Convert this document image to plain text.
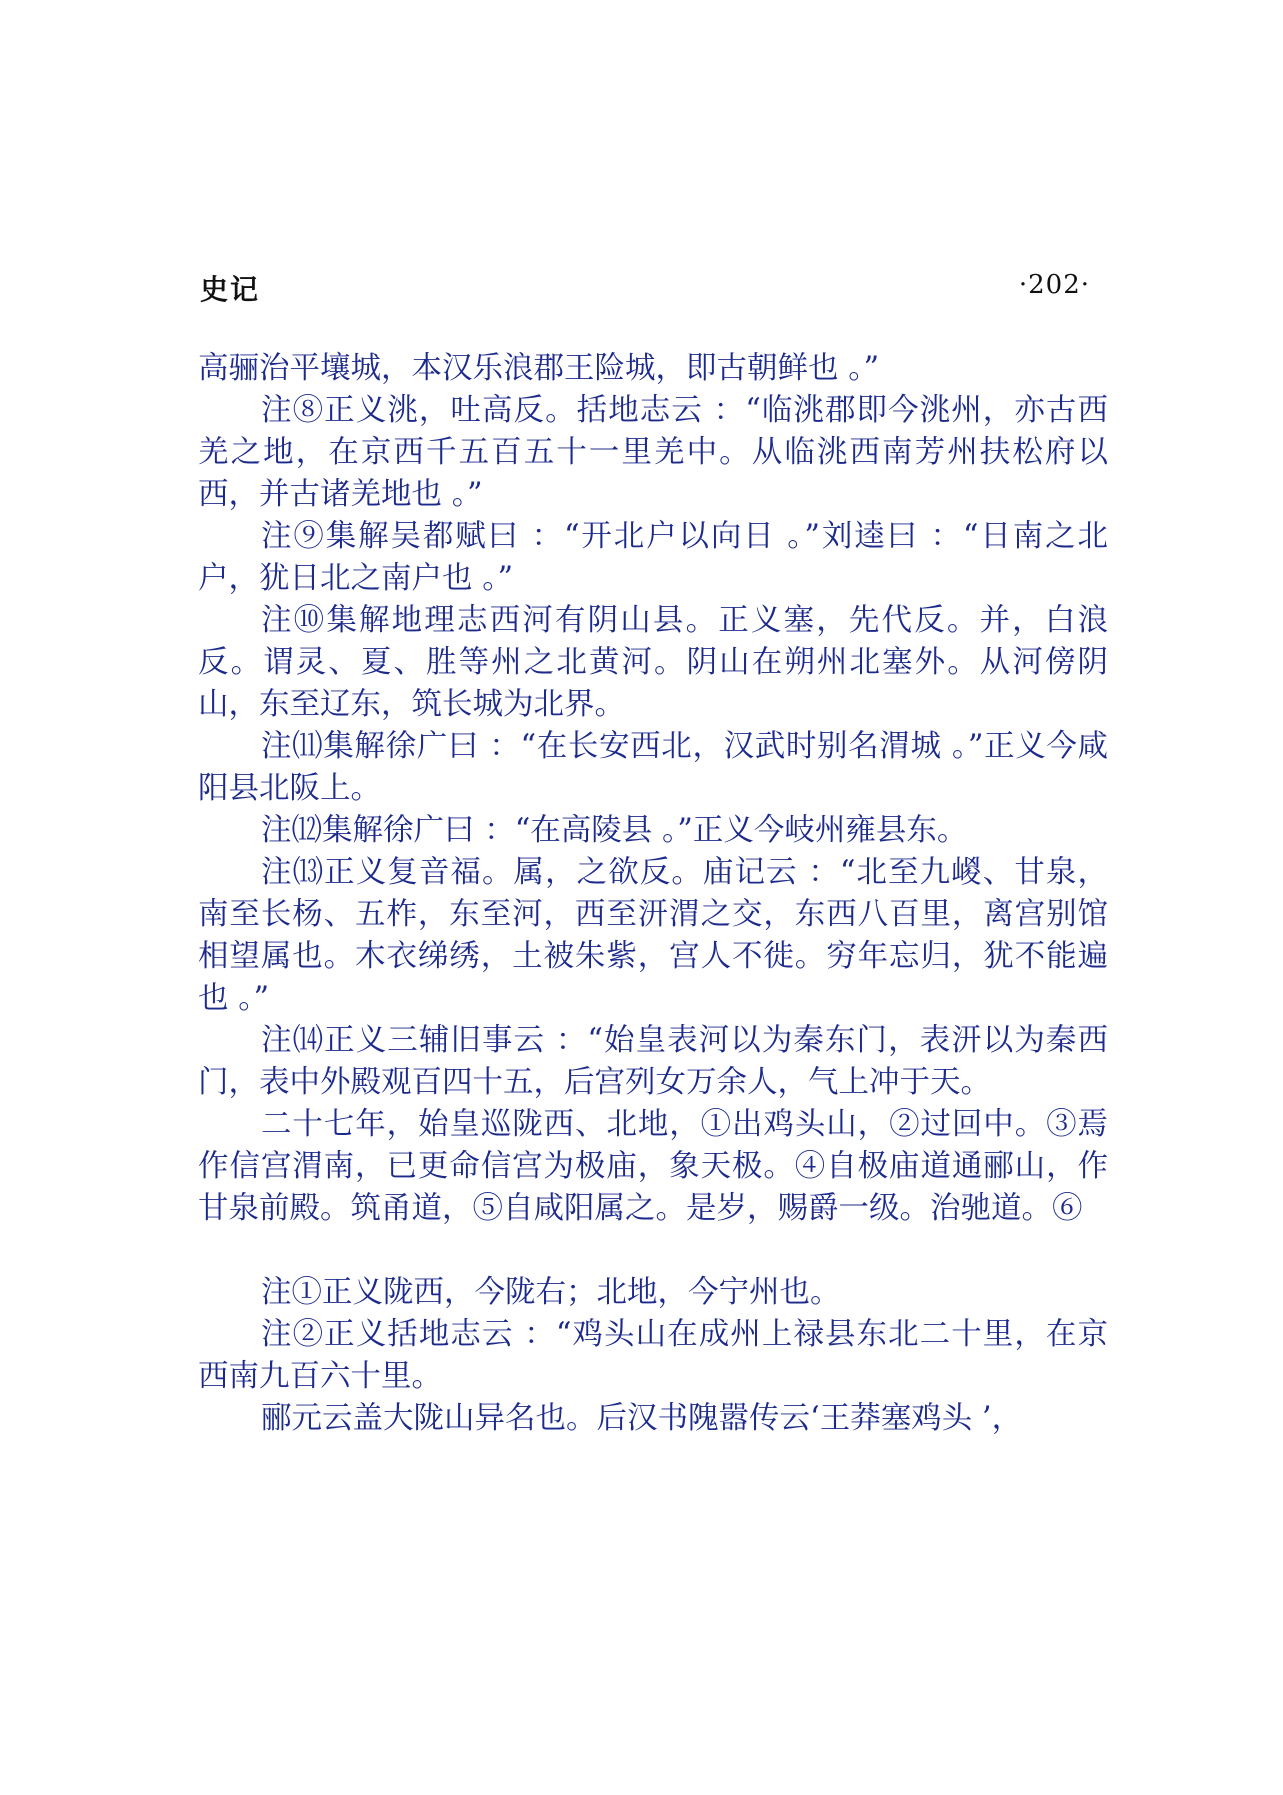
史记	·202·

高骊治平壤城，本汉乐浪郡王险城，即古朝鲜也 。”

注⑧正义洮，吐高反。括地志云 ：“临洮郡即今洮州，亦古西羌之地，在京西千五百五十一里羌中。从临洮西南芳州扶松府以西，并古诸羌地也 。”

注⑨集解吴都赋曰 ：“开北户以向日 。”刘逵曰 ：“日南之北户，犹日北之南户也 。”

注⑩集解地理志西河有阴山县。正义塞，先代反。并，白浪反。谓灵、夏、胜等州之北黄河。阴山在朔州北塞外。从河傍阴山，东至辽东，筑长城为北界。

注⑾集解徐广曰 ：“在长安西北，汉武时别名渭城 。”正义今咸阳县北阪上。

注⑿集解徐广曰 ：“在高陵县 。”正义今岐州雍县东。

注⒀正义复音福。属，之欲反。庙记云 ：“北至九嵕、甘泉，南至长杨、五柞，东至河，西至汧渭之交，东西八百里，离宫别馆相望属也。木衣绨绣，土被朱紫，宫人不徙。穷年忘归，犹不能遍也 。”

注⒁正义三辅旧事云 ：“始皇表河以为秦东门，表汧以为秦西门，表中外殿观百四十五，后宫列女万余人，气上冲于天。

二十七年，始皇巡陇西、北地，①出鸡头山，②过回中。③焉作信宫渭南，已更命信宫为极庙，象天极。④自极庙道通郦山，作甘泉前殿。筑甬道，⑤自咸阳属之。是岁，赐爵一级。治驰道。⑥

注①正义陇西，今陇右；北地，今宁州也。

注②正义括地志云 ：“鸡头山在成州上禄县东北二十里，在京西南九百六十里。

郦元云盖大陇山异名也。后汉书隗嚣传云‘王莽塞鸡头 ’，
